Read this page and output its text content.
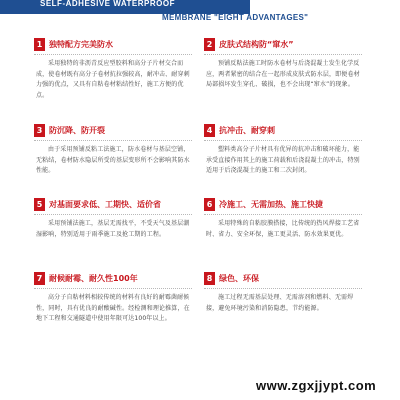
SELF-ADHESIVE WATERPROOF
MEMBRANE "EIGHT ADVANTAGES"
1 独特配方完美防水
采用独特的非沥青反应型胶料和高分子片材交合而成，使卷材既有高分子卷材抗拉强较高，耐冲击、耐穿刺力强的优点，又具有自粘卷材粘结性好，施工方便的优点。
2 皮肤式结构防“窜水”
预铺反粘法施工时防水卷材与后浇混凝土发生化学反应，两者紧密的结合在一起形成皮肤式防水层，即便卷材局部损坏发生穿孔、破损，也不会出现“窜水”的现象。
3 防沉降、防开裂
由于采用预铺反粘工法施工，防水卷材与基层空铺，无粘结，卷材防水隐层所受的基层变形所不会影响其防水性能。
4 抗冲击、耐穿刺
塑料类高分子片材具有优异的抗冲击和破坏能力，能承受直接作用其上的施工荷载和后浇混凝土的冲击，特别适用于后浇混凝土的施工和二次封闭。
5 对基面要求低、工期快、适价省
采用预铺法施工，基层无需找平，不受天气及基层潮湿影响，特别适用于雨季施工及抢工期的工程。
6 冷施工、无需加热、施工快捷
采用特殊的自粘胶膜搭接，比传统的热风焊接工艺省时、省力、安全环保，施工更灵活、防水效果更优。
7 耐候耐霉、耐久性100年
高分子自粘材料相较传统的材料有良好的耐霉菌耐候性，同时，具有优良的耐酸碱性。经检测和理论推算，在地下工程和交通隧道中使用年限可达100年以上。
8 绿色、环保
施工过程无需基层处理、无需溶剂和燃料、无需焊接，避免环境污染和消防隐患，节约能源。
www.zgxjjypt.com
